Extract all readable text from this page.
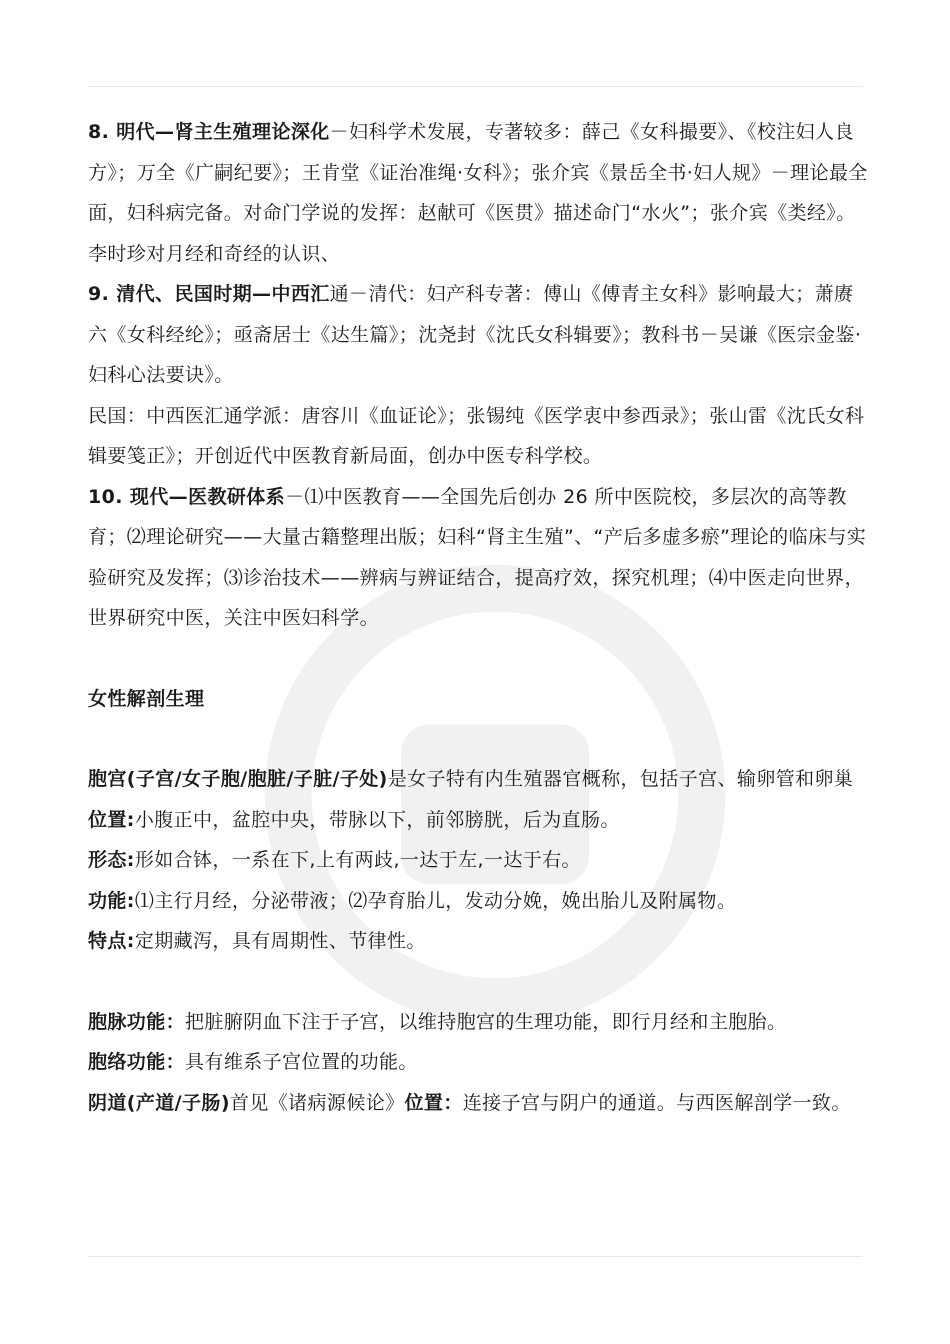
8. 明代—肾主生殖理论深化－妇科学术发展，专著较多：薛己《女科撮要》、《校注妇人良方》；万全《广嗣纪要》；王肯堂《证治准绳·女科》；张介宾《景岳全书·妇人规》－理论最全面，妇科病完备。对命门学说的发挥：赵献可《医贯》描述命门“水火”；张介宾《类经》。李时珍对月经和奇经的认识、

9. 清代、民国时期—中西汇通－清代：妇产科专著：傅山《傅青主女科》影响最大；萧赓六《女科经纶》；亟斋居士《达生篇》；沈尧封《沈氏女科辑要》；教科书－吴谦《医宗金鉴·妇科心法要诀》。

民国：中西医汇通学派：唐容川《血证论》；张锡纯《医学衷中参西录》；张山雷《沈氏女科辑要笺正》；开创近代中医教育新局面，创办中医专科学校。

10. 现代—医教研体系－⑴中医教育——全国先后创办 26 所中医院校，多层次的高等教育；⑵理论研究——大量古籍整理出版；妇科“肾主生殖”、“产后多虚多瘀”理论的临床与实验研究及发挥；⑶诊治技术——辨病与辨证结合，提高疗效，探究机理；⑷中医走向世界，世界研究中医，关注中医妇科学。

女性解剖生理

胞宫(子宫/女子胞/胞脏/子脏/子处)是女子特有内生殖器官概称，包括子宫、输卵管和卵巢

位置:小腹正中，盆腔中央，带脉以下，前邻膀胱，后为直肠。

形态:形如合钵，一系在下,上有两歧,一达于左,一达于右。

功能:⑴主行月经，分泌带液；⑵孕育胎儿，发动分娩，娩出胎儿及附属物。

特点:定期藏泻，具有周期性、节律性。

胞脉功能：把脏腑阴血下注于子宫，以维持胞宫的生理功能，即行月经和主胞胎。

胞络功能：具有维系子宫位置的功能。

阴道(产道/子肠)首见《诸病源候论》位置：连接子宫与阴户的通道。与西医解剖学一致。
